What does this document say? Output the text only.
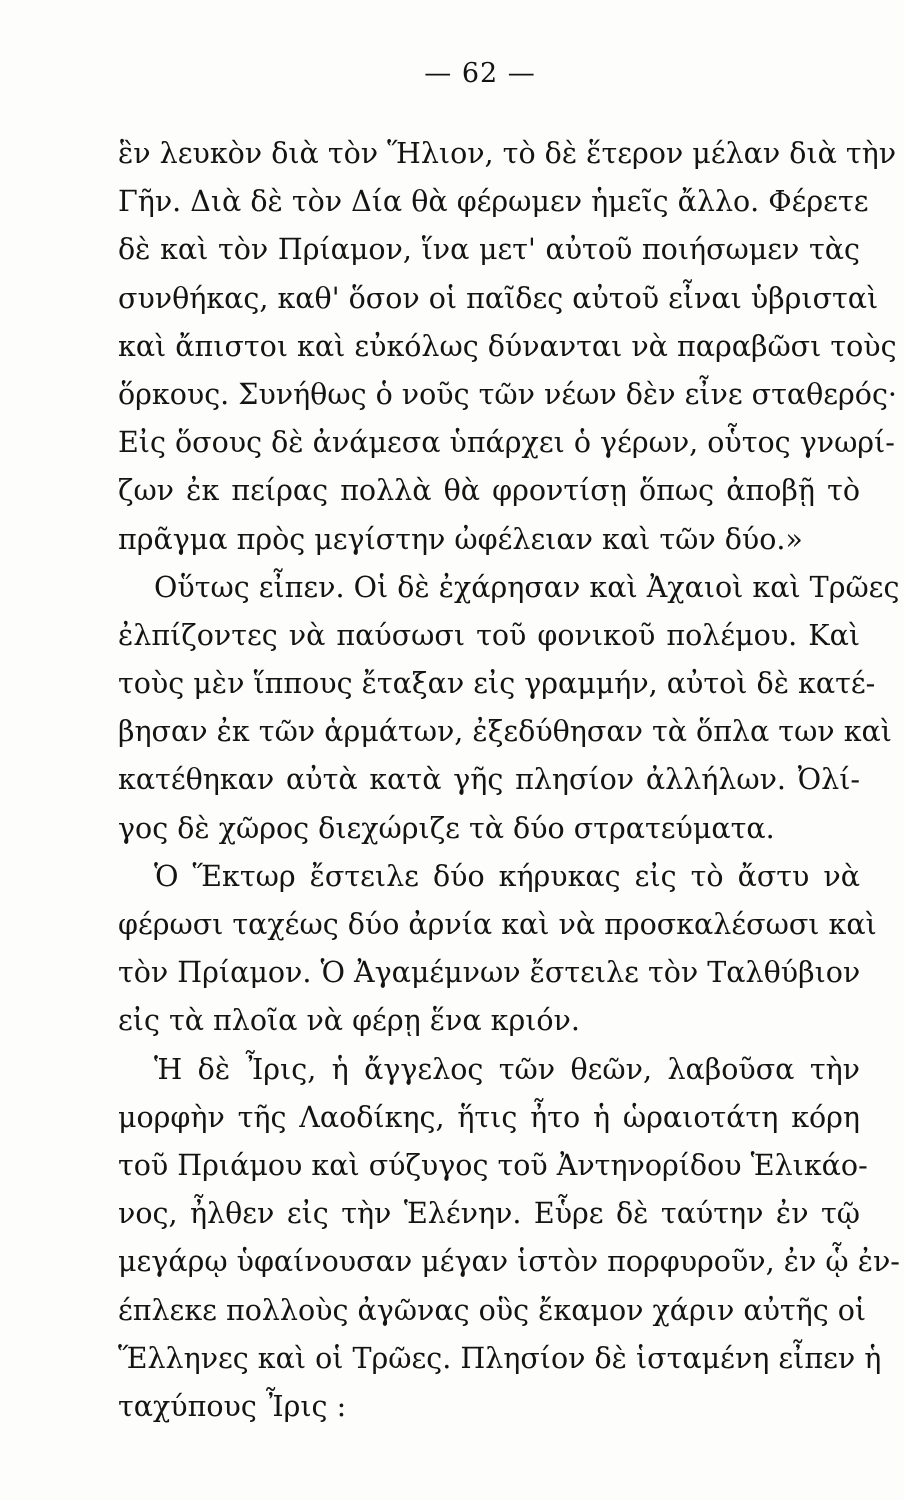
— 62 —
ἓν λευκὸν διὰ τὸν Ἥλιον, τὸ δὲ ἕτερον μέλαν διὰ τὴν
Γῆν. Διὰ δὲ τὸν Δία θὰ φέρωμεν ἡμεῖς ἄλλο. Φέρετε
δὲ καὶ τὸν Πρίαμον, ἵνα μετ' αὐτοῦ ποιήσωμεν τὰς
συνθήκας, καθ' ὅσον οἱ παῖδες αὐτοῦ εἶναι ὑβρισταὶ
καὶ ἄπιστοι καὶ εὐκόλως δύνανται νὰ παραβῶσι τοὺς
ὅρκους. Συνήθως ὁ νοῦς τῶν νέων δὲν εἶνε σταθερός·
Εἰς ὅσους δὲ ἀνάμεσα ὑπάρχει ὁ γέρων, οὗτος γνωρί-
ζων ἐκ πείρας πολλὰ θὰ φροντίσῃ ὅπως ἀποβῇ τὸ
πρᾶγμα πρὸς μεγίστην ὠφέλειαν καὶ τῶν δύο.»
Οὕτως εἶπεν. Οἱ δὲ ἐχάρησαν καὶ Ἀχαιοὶ καὶ Τρῶες
ἐλπίζοντες νὰ παύσωσι τοῦ φονικοῦ πολέμου. Καὶ
τοὺς μὲν ἵππους ἔταξαν εἰς γραμμήν, αὐτοὶ δὲ κατέ-
βησαν ἐκ τῶν ἁρμάτων, ἐξεδύθησαν τὰ ὅπλα των καὶ
κατέθηκαν αὐτὰ κατὰ γῆς πλησίον ἀλλήλων. Ὀλί-
γος δὲ χῶρος διεχώριζε τὰ δύο στρατεύματα.
Ὁ Ἕκτωρ ἔστειλε δύο κήρυκας εἰς τὸ ἄστυ νὰ
φέρωσι ταχέως δύο ἀρνία καὶ νὰ προσκαλέσωσι καὶ
τὸν Πρίαμον. Ὁ Ἀγαμέμνων ἔστειλε τὸν Ταλθύβιον
εἰς τὰ πλοῖα νὰ φέρῃ ἕνα κριόν.
Ἡ δὲ Ἶρις, ἡ ἄγγελος τῶν θεῶν, λαβοῦσα τὴν
μορφὴν τῆς Λαοδίκης, ἥτις ἦτο ἡ ὡραιοτάτη κόρη
τοῦ Πριάμου καὶ σύζυγος τοῦ Ἀντηνορίδου Ἑλικάο-
νος, ἦλθεν εἰς τὴν Ἑλένην. Εὗρε δὲ ταύτην ἐν τῷ
μεγάρῳ ὑφαίνουσαν μέγαν ἱστὸν πορφυροῦν, ἐν ᾧ ἐν-
έπλεκε πολλοὺς ἀγῶνας οὓς ἔκαμον χάριν αὐτῆς οἱ
Ἕλληνες καὶ οἱ Τρῶες. Πλησίον δὲ ἱσταμένη εἶπεν ἡ
ταχύπους Ἶρις :
